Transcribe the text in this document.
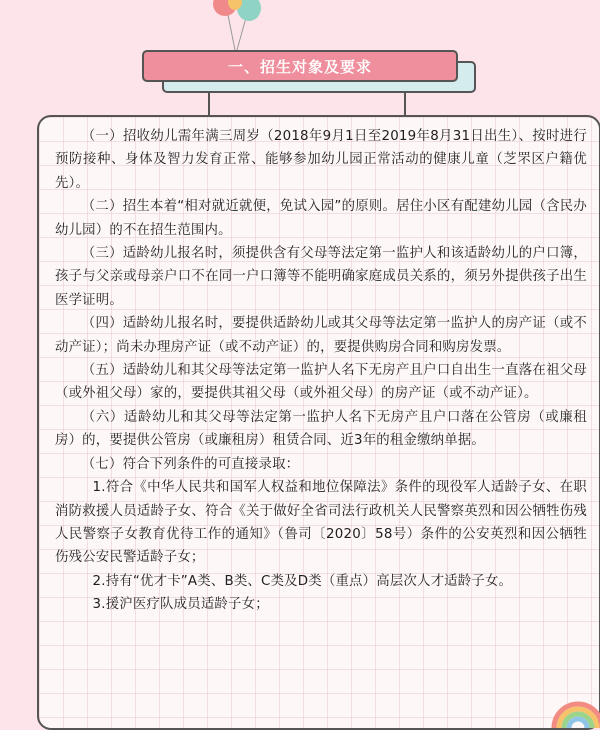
一、招生对象及要求

（一）招收幼儿需年满三周岁（2018年9月1日至2019年8月31日出生）、按时进行预防接种、身体及智力发育正常、能够参加幼儿园正常活动的健康儿童（芝罘区户籍优先）。

（二）招生本着“相对就近就便，免试入园”的原则。居住小区有配建幼儿园（含民办幼儿园）的不在招生范围内。

（三）适龄幼儿报名时，须提供含有父母等法定第一监护人和该适龄幼儿的户口簿，孩子与父亲或母亲户口不在同一户口簿等不能明确家庭成员关系的，须另外提供孩子出生医学证明。

（四）适龄幼儿报名时，要提供适龄幼儿或其父母等法定第一监护人的房产证（或不动产证）；尚未办理房产证（或不动产证）的，要提供购房合同和购房发票。

（五）适龄幼儿和其父母等法定第一监护人名下无房产且户口自出生一直落在祖父母（或外祖父母）家的，要提供其祖父母（或外祖父母）的房产证（或不动产证）。

（六）适龄幼儿和其父母等法定第一监护人名下无房产且户口落在公管房（或廉租房）的，要提供公管房（或廉租房）租赁合同、近3年的租金缴纳单据。

（七）符合下列条件的可直接录取：

1.符合《中华人民共和国军人权益和地位保障法》条件的现役军人适龄子女、在职消防救援人员适龄子女、符合《关于做好全省司法行政机关人民警察英烈和因公牺牲伤残人民警察子女教育优待工作的通知》（鲁司〔2020〕58号）条件的公安英烈和因公牺牲伤残公安民警适龄子女；

2.持有“优才卡”A类、B类、C类及D类（重点）高层次人才适龄子女。

3.援沪医疗队成员适龄子女；
